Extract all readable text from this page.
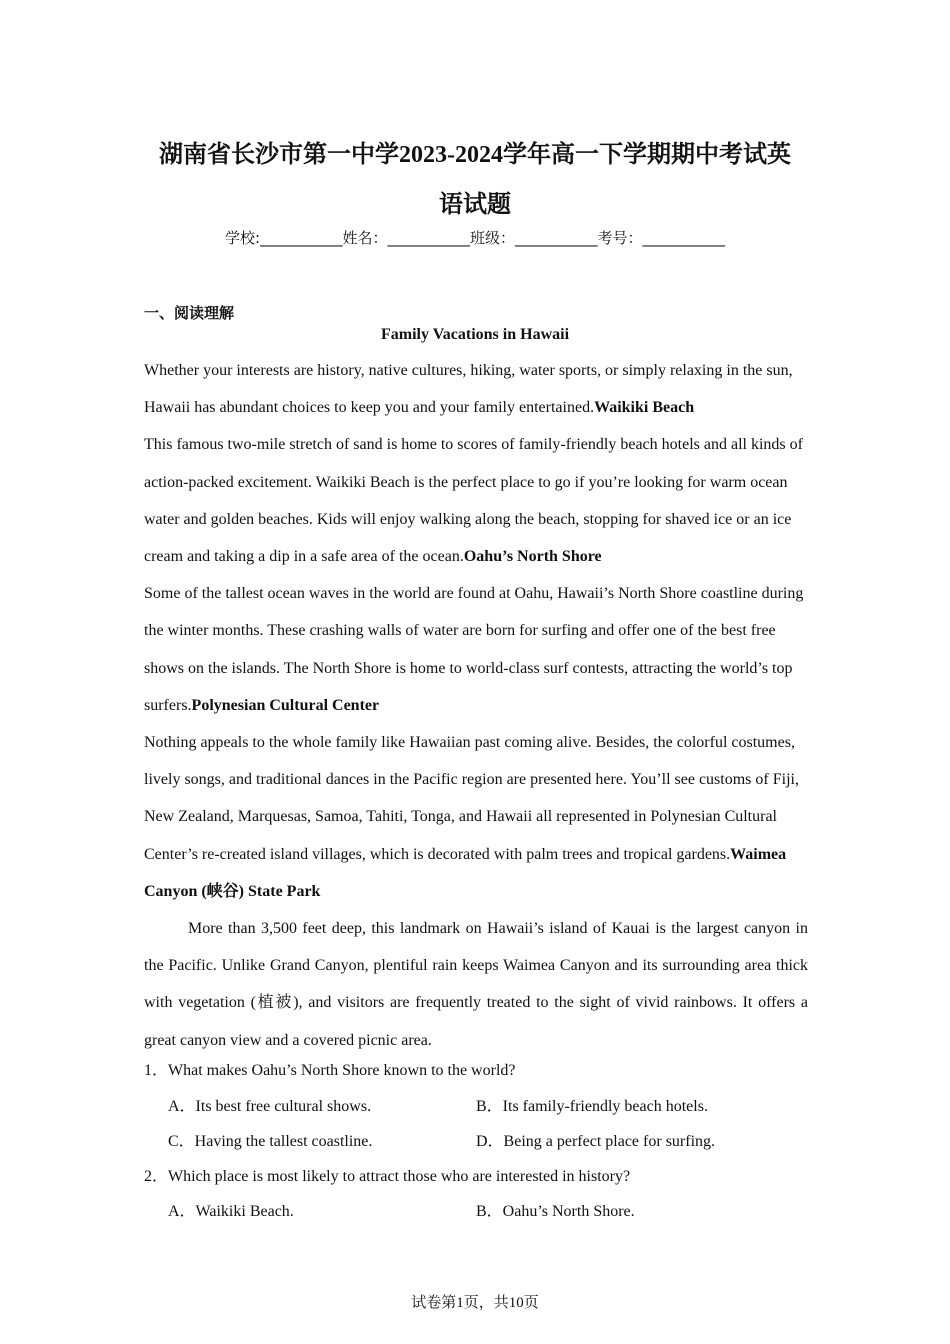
湖南省长沙市第一中学2023-2024学年高一下学期期中考试英
语试题
学校:___________姓名：___________班级：___________考号：___________
一、阅读理解
Family Vacations in Hawaii

Whether your interests are history, native cultures, hiking, water sports, or simply relaxing in the sun, Hawaii has abundant choices to keep you and your family entertained.Waikiki Beach

This famous two-mile stretch of sand is home to scores of family-friendly beach hotels and all kinds of action-packed excitement. Waikiki Beach is the perfect place to go if you’re looking for warm ocean water and golden beaches. Kids will enjoy walking along the beach, stopping for shaved ice or an ice cream and taking a dip in a safe area of the ocean.Oahu’s North Shore

Some of the tallest ocean waves in the world are found at Oahu, Hawaii’s North Shore coastline during the winter months. These crashing walls of water are born for surfing and offer one of the best free shows on the islands. The North Shore is home to world-class surf contests, attracting the world’s top surfers.Polynesian Cultural Center

Nothing appeals to the whole family like Hawaiian past coming alive. Besides, the colorful costumes, lively songs, and traditional dances in the Pacific region are presented here. You’ll see customs of Fiji, New Zealand, Marquesas, Samoa, Tahiti, Tonga, and Hawaii all represented in Polynesian Cultural Center’s re-created island villages, which is decorated with palm trees and tropical gardens.Waimea Canyon (峡谷) State Park

More than 3,500 feet deep, this landmark on Hawaii’s island of Kauai is the largest canyon in the Pacific. Unlike Grand Canyon, plentiful rain keeps Waimea Canyon and its surrounding area thick with vegetation (植被), and visitors are frequently treated to the sight of vivid rainbows. It offers a great canyon view and a covered picnic area.

1．What makes Oahu’s North Shore known to the world?
A．Its best free cultural shows.	B．Its family-friendly beach hotels.
C．Having the tallest coastline.	D．Being a perfect place for surfing.
2．Which place is most likely to attract those who are interested in history?
A．Waikiki Beach.	B．Oahu’s North Shore.
试卷第1页，共10页
